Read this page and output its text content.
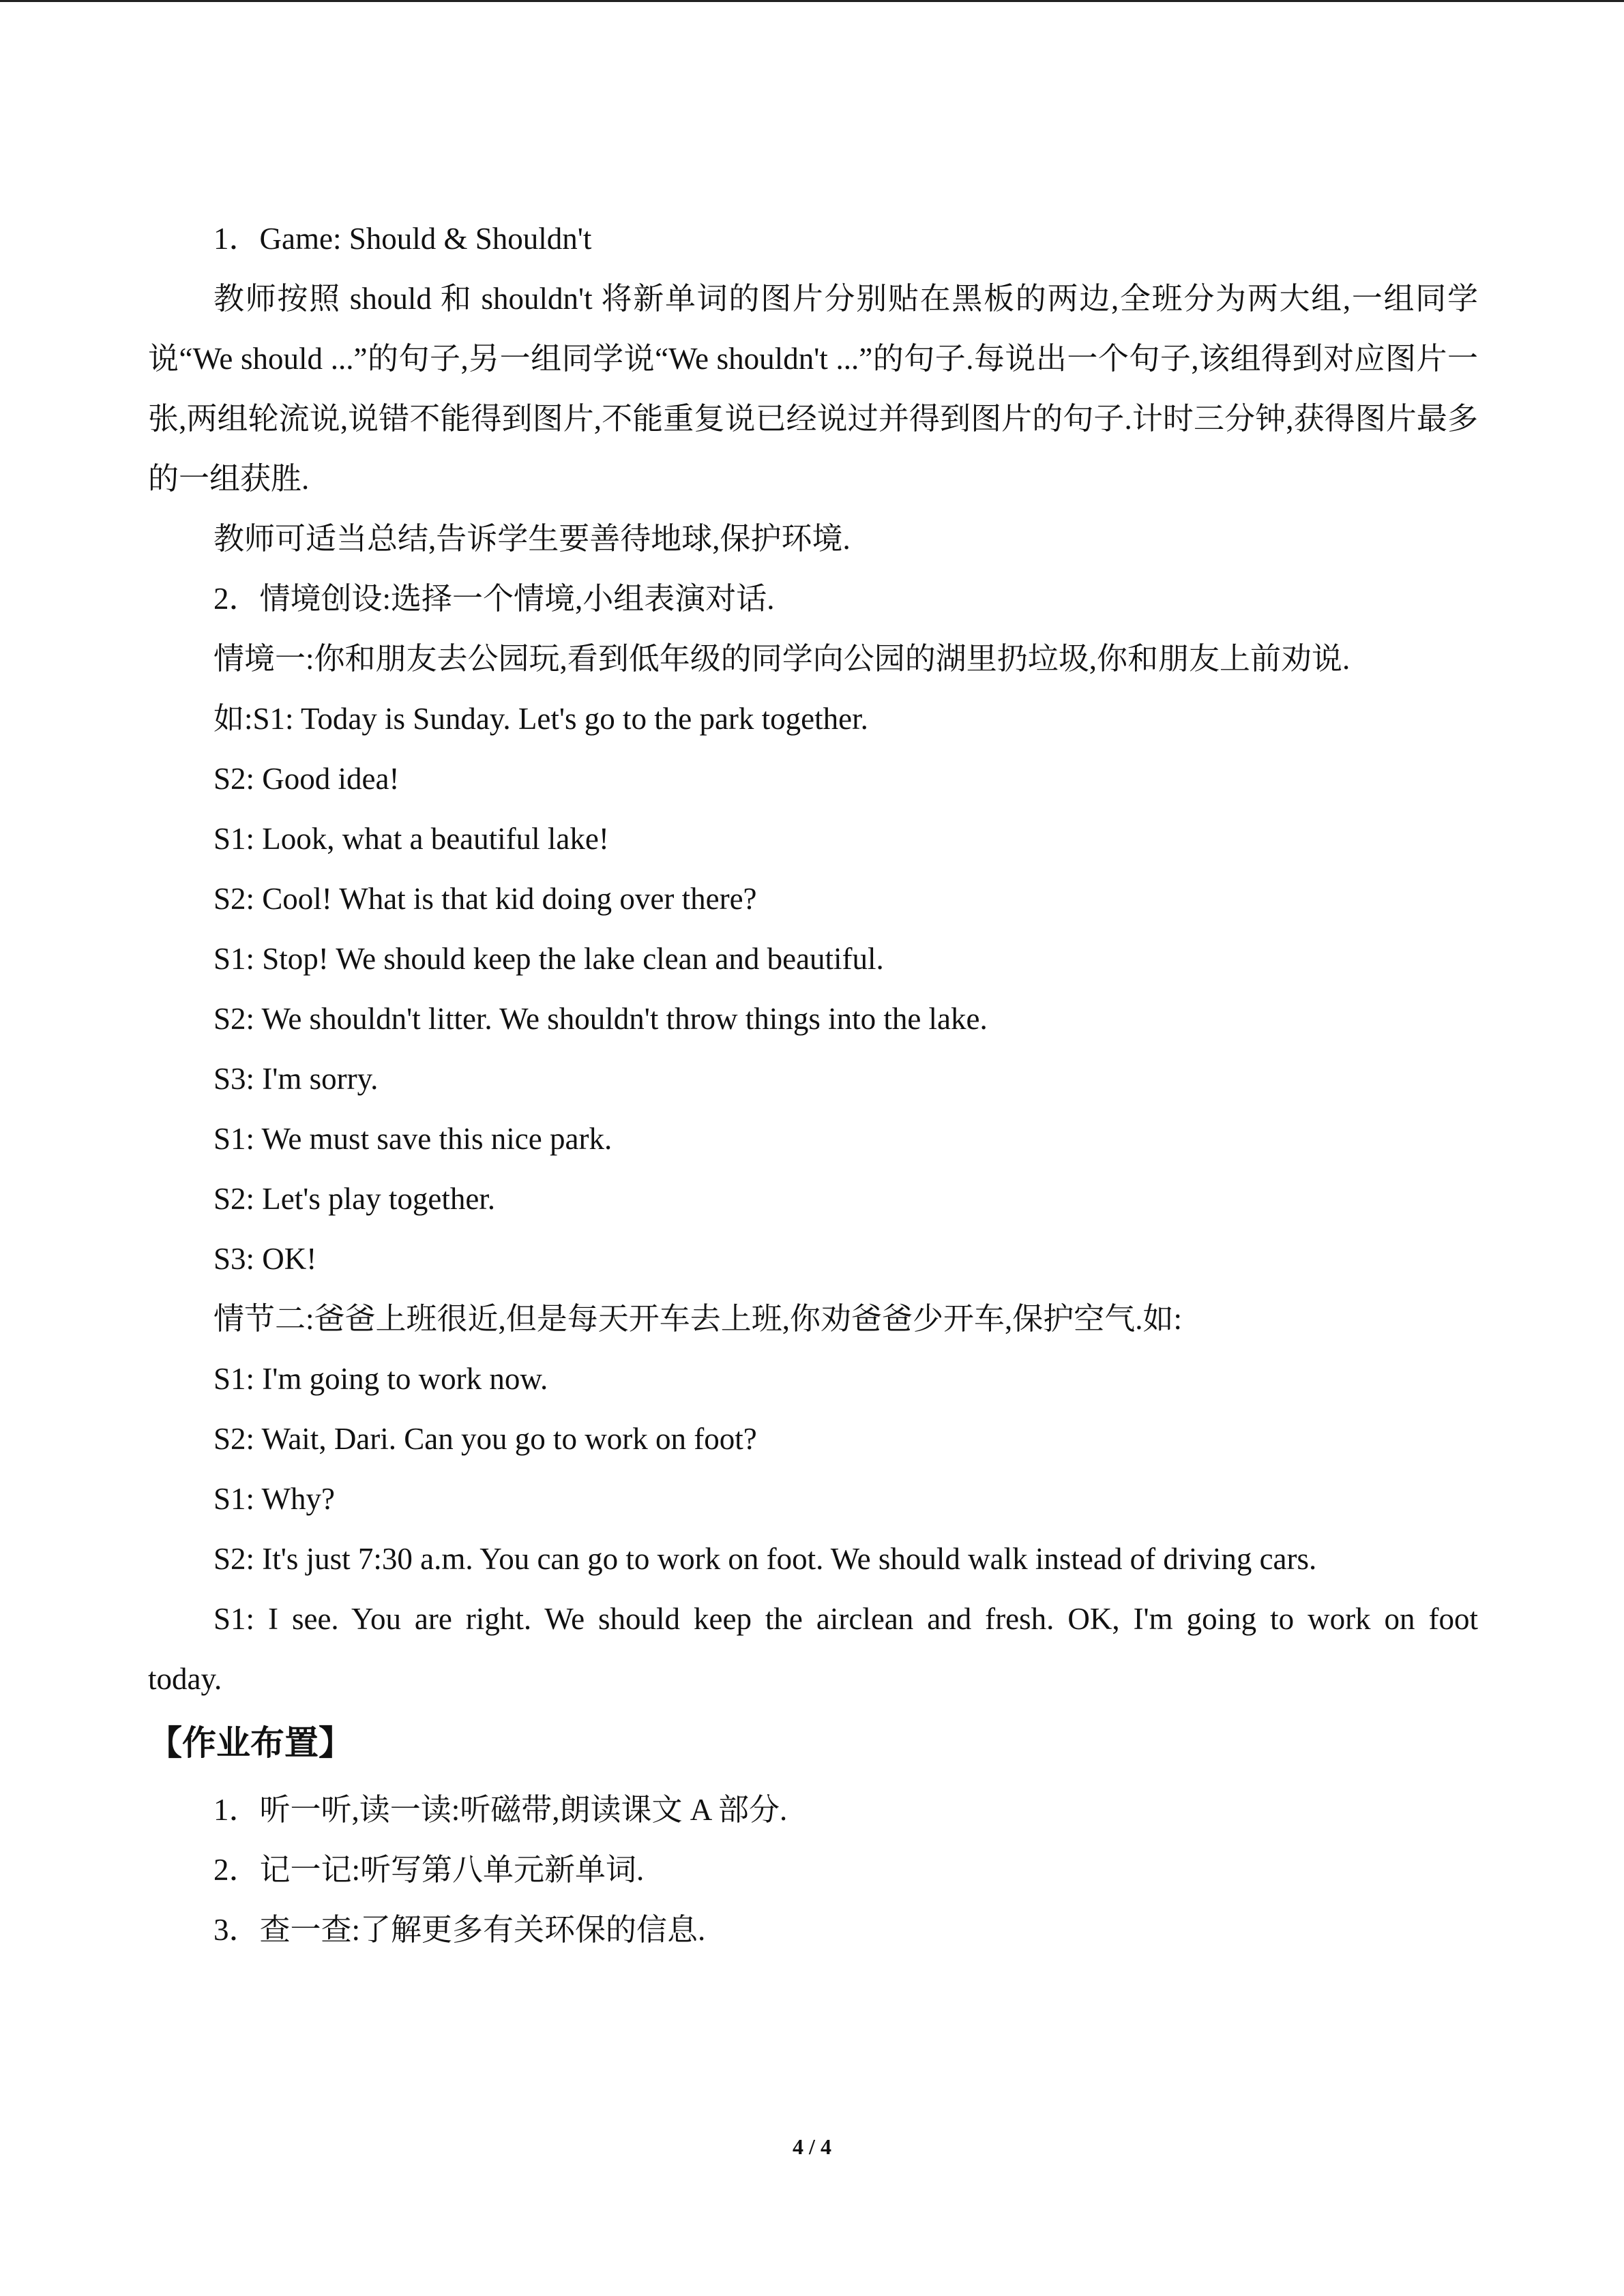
1．Game: Should & Shouldn't
教师按照 should 和 shouldn't 将新单词的图片分别贴在黑板的两边,全班分为两大组,一组同学说“We should ...”的句子,另一组同学说“We shouldn't ...”的句子.每说出一个句子,该组得到对应图片一张,两组轮流说,说错不能得到图片,不能重复说已经说过并得到图片的句子.计时三分钟,获得图片最多的一组获胜.
教师可适当总结,告诉学生要善待地球,保护环境.
2．情境创设:选择一个情境,小组表演对话.
情境一:你和朋友去公园玩,看到低年级的同学向公园的湖里扔垃圾,你和朋友上前劝说.
如:S1: Today is Sunday. Let's go to the park together.
S2: Good idea!
S1: Look, what a beautiful lake!
S2: Cool! What is that kid doing over there?
S1: Stop! We should keep the lake clean and beautiful.
S2: We shouldn't litter. We shouldn't throw things into the lake.
S3: I'm sorry.
S1: We must save this nice park.
S2: Let's play together.
S3: OK!
情节二:爸爸上班很近,但是每天开车去上班,你劝爸爸少开车,保护空气.如:
S1: I'm going to work now.
S2: Wait, Dari. Can you go to work on foot?
S1: Why?
S2: It's just 7:30 a.m. You can go to work on foot. We should walk instead of driving cars.
S1: I see. You are right. We should keep the airclean and fresh. OK, I'm going to work on foot
today.
【作业布置】
1．听一听,读一读:听磁带,朗读课文 A 部分.
2．记一记:听写第八单元新单词.
3．查一查:了解更多有关环保的信息.
4 / 4
